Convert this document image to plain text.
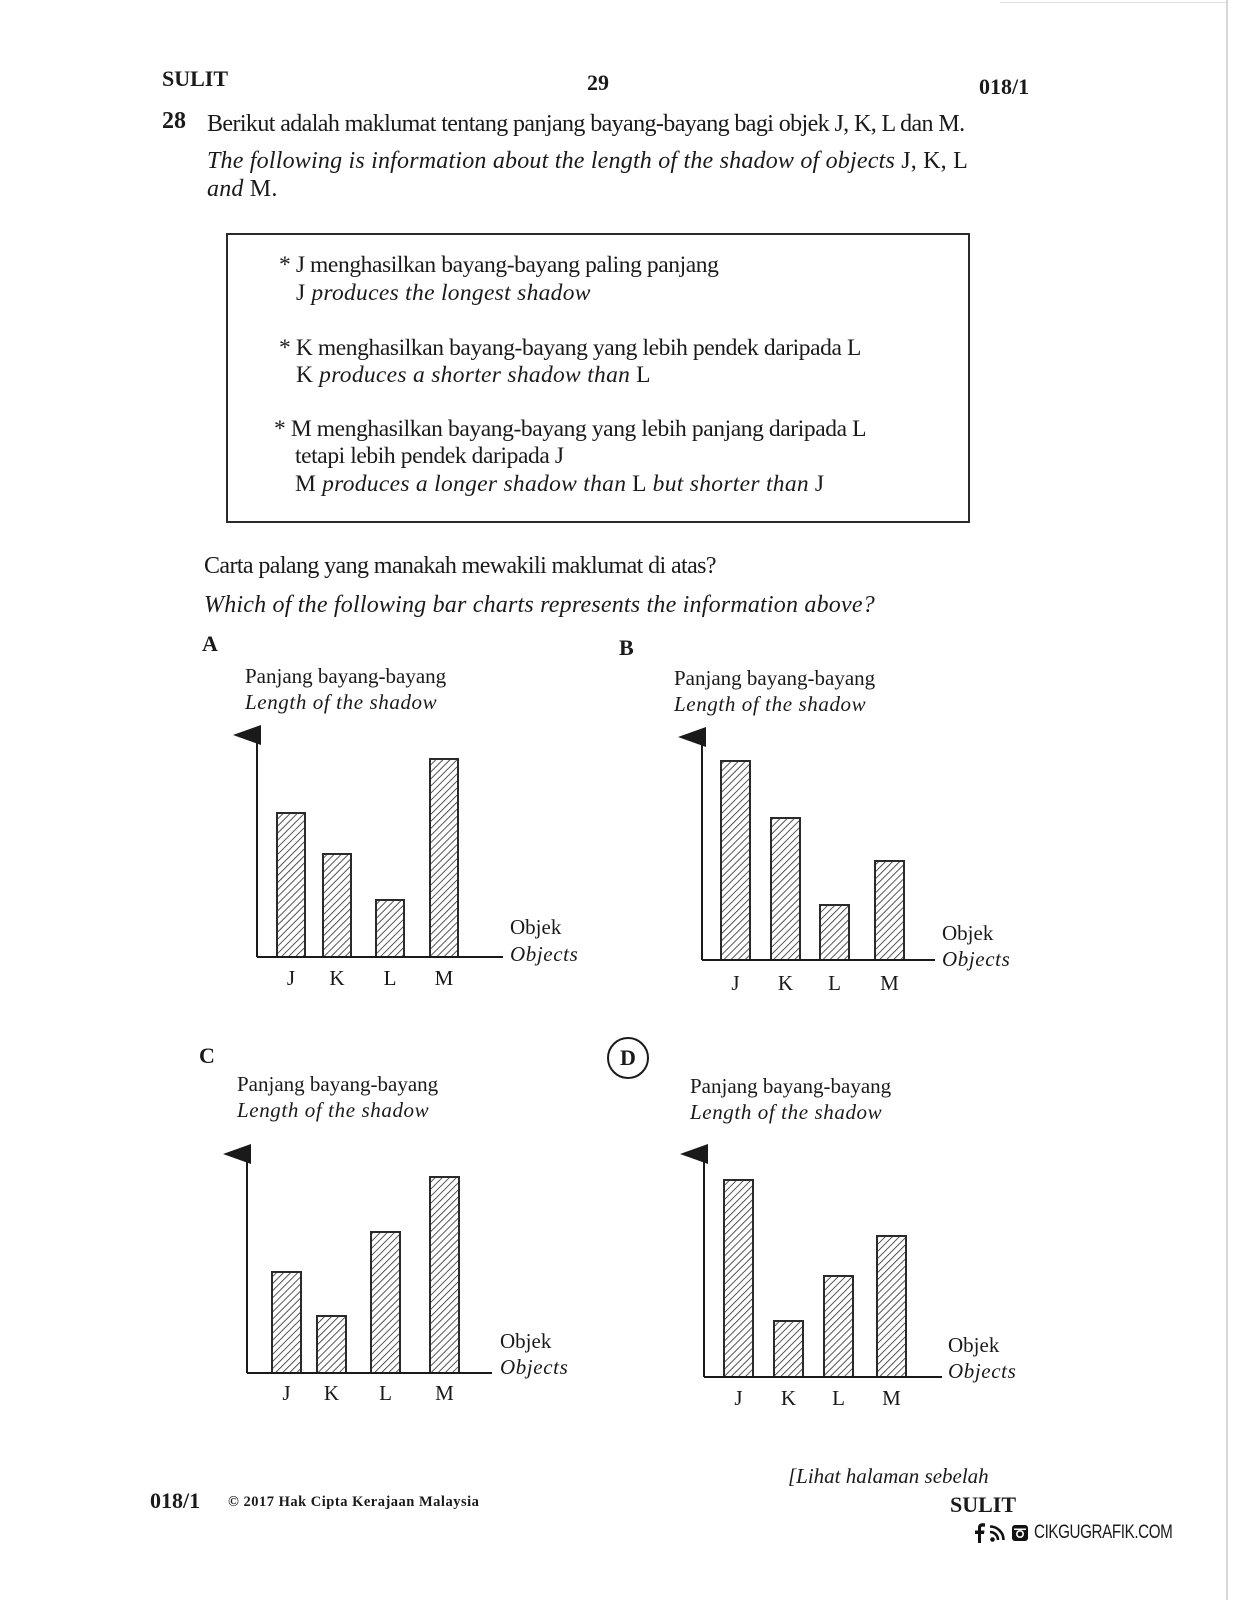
SULIT	29	018/1
28 Berikut adalah maklumat tentang panjang bayang-bayang bagi objek J, K, L dan M.
The following is information about the length of the shadow of objects J, K, L
and M.
* J menghasilkan bayang-bayang paling panjang
J produces the longest shadow
* K menghasilkan bayang-bayang yang lebih pendek daripada L
K produces a shorter shadow than L
* M menghasilkan bayang-bayang yang lebih panjang daripada L
tetapi lebih pendek daripada J
M produces a longer shadow than L but shorter than J
Carta palang yang manakah mewakili maklumat di atas?
Which of the following bar charts represents the information above?
A	B
C	D
Panjang bayang-bayang
Length of the shadow
Objek
Objects
Panjang bayang-bayang
Length of the shadow
Objek
Objects
Panjang bayang-bayang
Length of the shadow
Objek
Objects
Panjang bayang-bayang
Length of the shadow
Objek
Objects
J K L M	J K L M
J K L M	J K L M
018/1 © 2017 Hak Cipta Kerajaan Malaysia
[Lihat halaman sebelah
SULIT
CIKGUGRAFIK.COM
